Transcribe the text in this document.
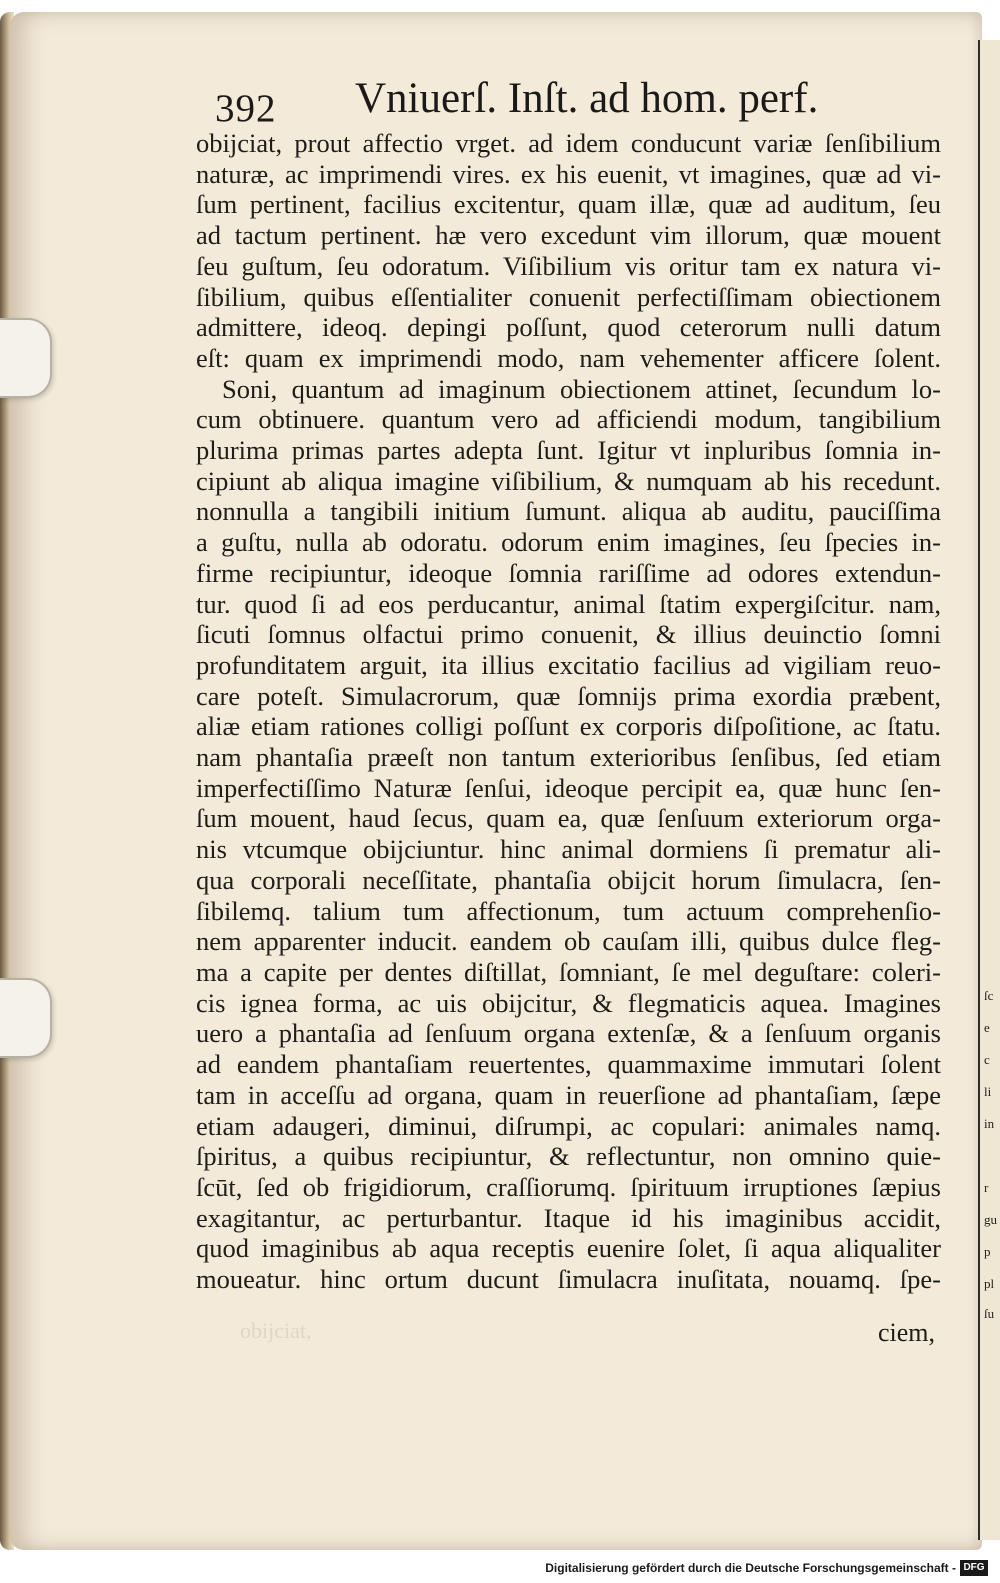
ſc
e
c
li
in
r
gu
p
pl
ſu
392 Vniuerſ. Inſt. ad hom. perf.
obijciat, prout affectio vrget. ad idem conducunt variæ ſenſibilium
naturæ, ac imprimendi vires. ex his euenit, vt imagines, quæ ad vi-
ſum pertinent, facilius excitentur, quam illæ, quæ ad auditum, ſeu
ad tactum pertinent. hæ vero excedunt vim illorum, quæ mouent
ſeu guſtum, ſeu odoratum. Viſibilium vis oritur tam ex natura vi-
ſibilium, quibus eſſentialiter conuenit perfectiſſimam obiectionem
admittere, ideoq. depingi poſſunt, quod ceterorum nulli datum
eſt: quam ex imprimendi modo, nam vehementer afficere ſolent.
Soni, quantum ad imaginum obiectionem attinet, ſecundum lo-
cum obtinuere. quantum vero ad afficiendi modum, tangibilium
plurima primas partes adepta ſunt. Igitur vt inpluribus ſomnia in-
cipiunt ab aliqua imagine viſibilium, & numquam ab his recedunt.
nonnulla a tangibili initium ſumunt. aliqua ab auditu, pauciſſima
a guſtu, nulla ab odoratu. odorum enim imagines, ſeu ſpecies in-
firme recipiuntur, ideoque ſomnia rariſſime ad odores extendun-
tur. quod ſi ad eos perducantur, animal ſtatim expergiſcitur. nam,
ſicuti ſomnus olfactui primo conuenit, & illius deuinctio ſomni
profunditatem arguit, ita illius excitatio facilius ad vigiliam reuo-
care poteſt. Simulacrorum, quæ ſomnijs prima exordia præbent,
aliæ etiam rationes colligi poſſunt ex corporis diſpoſitione, ac ſtatu.
nam phantaſia præeſt non tantum exterioribus ſenſibus, ſed etiam
imperfectiſſimo Naturæ ſenſui, ideoque percipit ea, quæ hunc ſen-
ſum mouent, haud ſecus, quam ea, quæ ſenſuum exteriorum orga-
nis vtcumque obijciuntur. hinc animal dormiens ſi prematur ali-
qua corporali neceſſitate, phantaſia obijcit horum ſimulacra, ſen-
ſibilemq. talium tum affectionum, tum actuum comprehenſio-
nem apparenter inducit. eandem ob cauſam illi, quibus dulce fleg-
ma a capite per dentes diſtillat, ſomniant, ſe mel deguſtare: coleri-
cis ignea forma, ac uis obijcitur, & flegmaticis aquea. Imagines
uero a phantaſia ad ſenſuum organa extenſæ, & a ſenſuum organis
ad eandem phantaſiam reuertentes, quammaxime immutari ſolent
tam in acceſſu ad organa, quam in reuerſione ad phantaſiam, ſæpe
etiam adaugeri, diminui, diſrumpi, ac copulari: animales namq.
ſpiritus, a quibus recipiuntur, & reflectuntur, non omnino quie-
ſcūt, ſed ob frigidiorum, craſſiorumq. ſpirituum irruptiones ſæpius
exagitantur, ac perturbantur. Itaque id his imaginibus accidit,
quod imaginibus ab aqua receptis euenire ſolet, ſi aqua aliqualiter
moueatur. hinc ortum ducunt ſimulacra inuſitata, nouamq. ſpe-
obijciat,	ciem,
Digitalisierung gefördert durch die Deutsche Forschungsgemeinschaft - DFG
